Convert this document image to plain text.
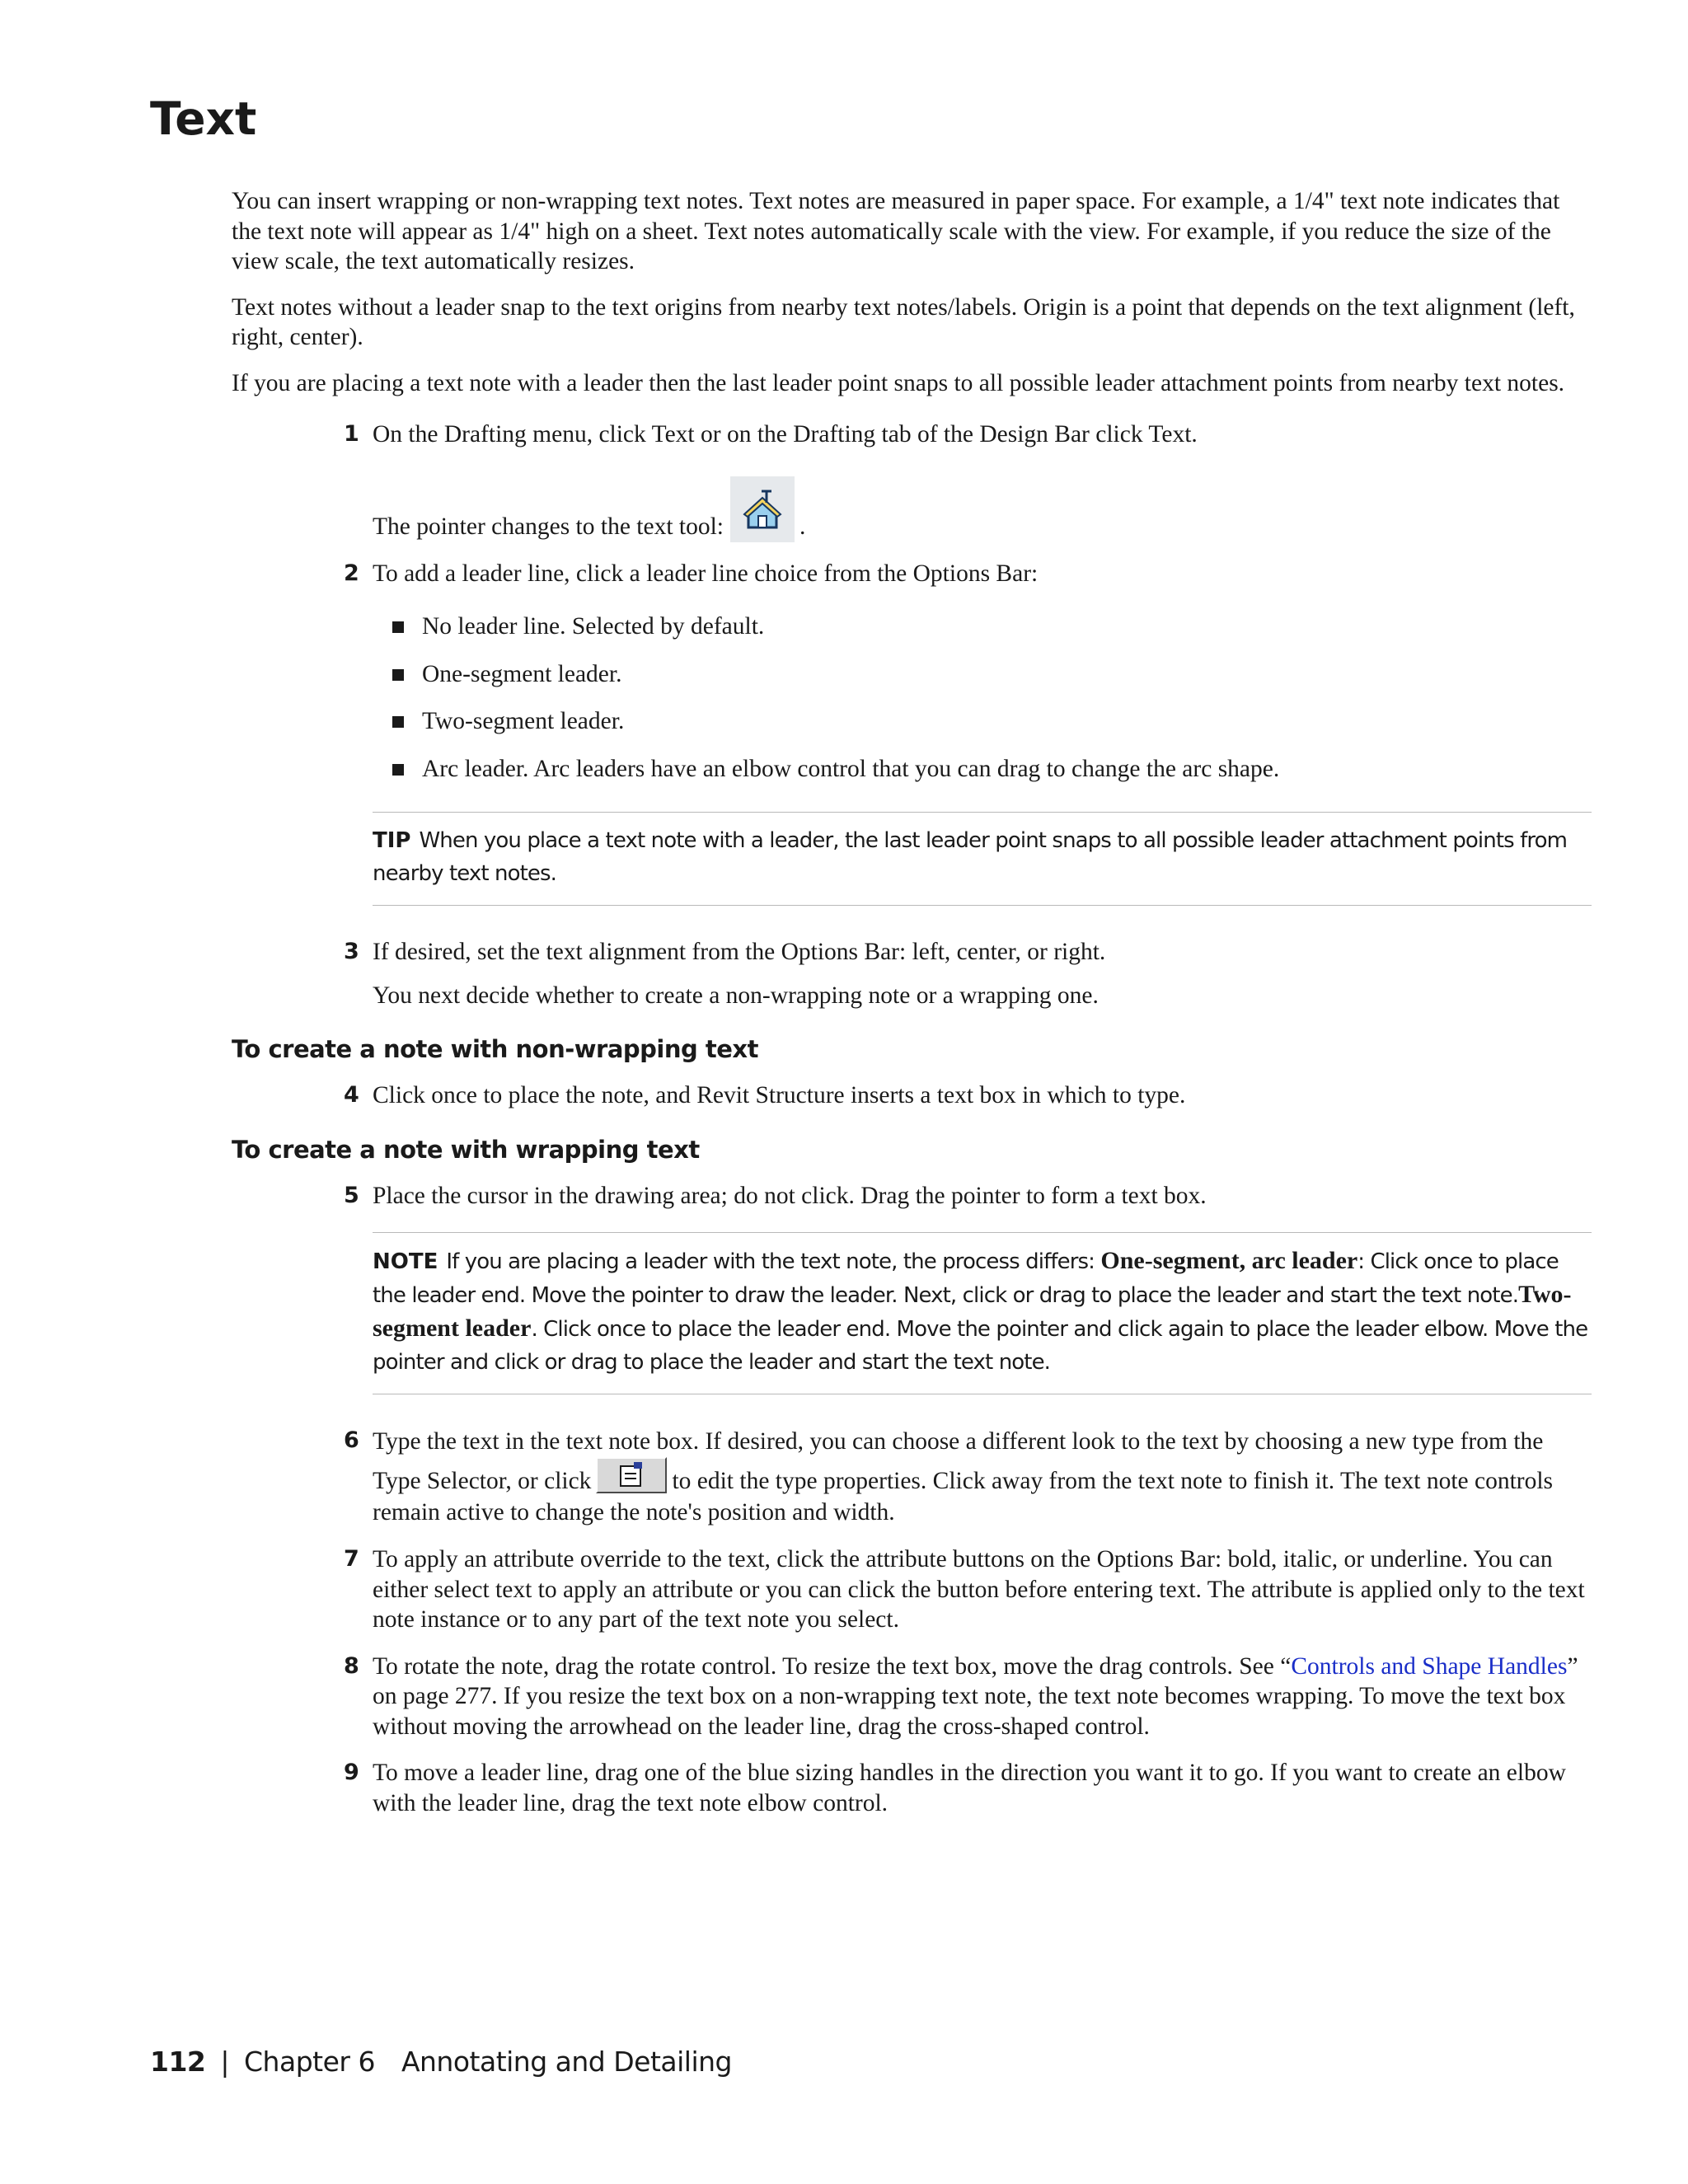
Text

You can insert wrapping or non-wrapping text notes. Text notes are measured in paper space. For example, a 1/4" text note indicates that the text note will appear as 1/4" high on a sheet. Text notes automatically scale with the view. For example, if you reduce the size of the view scale, the text automatically resizes.

Text notes without a leader snap to the text origins from nearby text notes/labels. Origin is a point that depends on the text alignment (left, right, center).

If you are placing a text note with a leader then the last leader point snaps to all possible leader attachment points from nearby text notes.

1 On the Drafting menu, click Text or on the Drafting tab of the Design Bar click Text.

The pointer changes to the text tool:	.
2 To add a leader line, click a leader line choice from the Options Bar:

No leader line. Selected by default.
One-segment leader.
Two-segment leader.
Arc leader. Arc leaders have an elbow control that you can drag to change the arc shape.
TIP When you place a text note with a leader, the last leader point snaps to all possible leader attachment points from nearby text notes.
3 If desired, set the text alignment from the Options Bar: left, center, or right.

You next decide whether to create a non-wrapping note or a wrapping one.

To create a note with non-wrapping text
4 Click once to place the note, and Revit Structure inserts a text box in which to type.

To create a note with wrapping text
5 Place the cursor in the drawing area; do not click. Drag the pointer to form a text box.

NOTE If you are placing a leader with the text note, the process differs: One-segment, arc leader: Click once to place the leader end. Move the pointer to draw the leader. Next, click or drag to place the leader and start the text note.Two-segment leader. Click once to place the leader end. Move the pointer and click again to place the leader elbow. Move the pointer and click or drag to place the leader and start the text note.
6 Type the text in the text note box. If desired, you can choose a different look to the text by choosing a new type from the Type Selector, or click	to edit the type properties. Click away from the text note to finish it. The text note controls remain active to change the note's position and width.

7 To apply an attribute override to the text, click the attribute buttons on the Options Bar: bold, italic, or underline. You can either select text to apply an attribute or you can click the button before entering text. The attribute is applied only to the text note instance or to any part of the text note you select.

8 To rotate the note, drag the rotate control. To resize the text box, move the drag controls. See “Controls and Shape Handles” on page 277. If you resize the text box on a non-wrapping text note, the text note becomes wrapping. To move the text box without moving the arrowhead on the leader line, drag the cross-shaped control.

9 To move a leader line, drag one of the blue sizing handles in the direction you want it to go. If you want to create an elbow with the leader line, drag the text note elbow control.

112 | Chapter 6 Annotating and Detailing
